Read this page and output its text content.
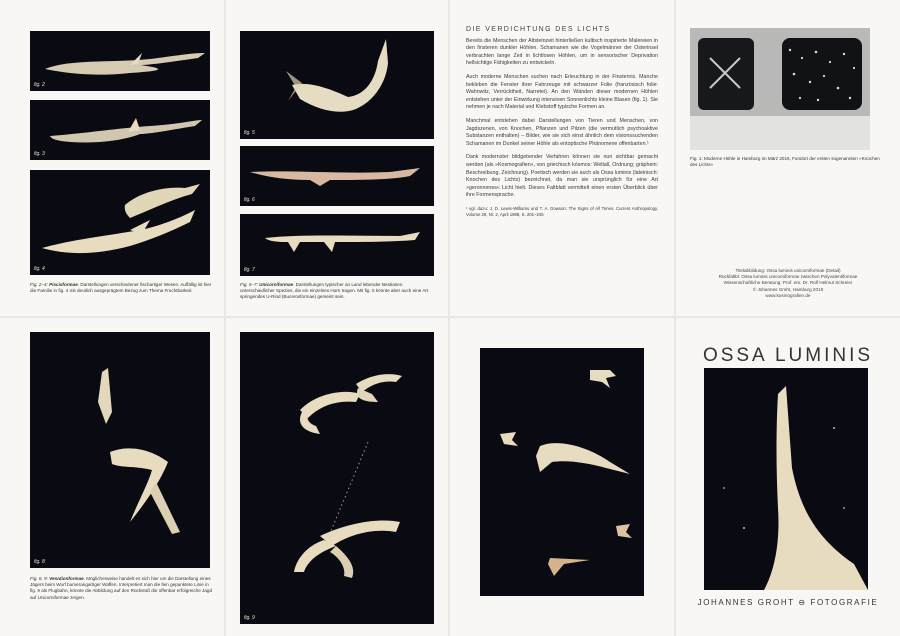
fig. 2
fig. 3
fig. 4
Fig. 2–4: Piscisformae. Darstellungen verschiedener fischartiger Wesen. Auffällig ist hier die Familie in fig. 4 mit deutlich ausgeprägtem Bezug zum Thema Fruchtbarkeit.
fig. 5
fig. 6
fig. 7
Fig. 5–7: Unicorniformae. Darstellungen typischer an Land lebender Bestiarien unterschiedlicher Spezies, die ein einzelnes Horn tragen. Mit fig. 5 könnte aber auch eine Art springendes U-Rind (Bucerosformae) gemeint sein.
DIE VERDICHTUNG DES LICHTS

Bereits die Menschen der Altsteinzeit hinterließen kultisch inspirierte Malereien in den finsteren dunkler Höhlen. Schamanen wie die Vogelmänner der Osterinsel verbrachten lange Zeit in lichtlosen Höhlen, um in sensorischer Deprivation hellsichtige Fähigkeiten zu entwickeln.

Auch moderne Menschen suchen nach Erleuchtung in der Finsternis. Manche bekleben die Fenster ihrer Fahrzeuge mit schwarzer Folie (französisch folie: Wahnwitz, Verrücktheit, Narretei). An den Wänden dieser modernen Höhlen entstehen unter der Einwirkung intensiven Sonnenlichts kleine Blasen (fig. 1). Sie nehmen je nach Material und Klebstoff typische Formen an.

Manchmal entstehen dabei Darstellungen von Tieren und Menschen, von Jagdszenen, von Knochen, Pflanzen und Pilzen (die vermutlich psychoaktive Substanzen enthalten) – Bilder, wie sie sich einst ähnlich dem visionssuchenden Schamanen im Dunkel seiner Höhle als entoptische Phänomene offenbarten.¹

Dank modernster bildgebender Verfahren können sie nun sichtbar gemacht werden (als »Kosmografien«, von griechisch kósmos: Weltall, Ordnung; gráphein: Beschreibung, Zeichnung). Poetisch werden sie auch als Ossa luminis (lateinisch: Knochen des Lichts) bezeichnet, da man sie ursprünglich für eine Art »geronnenes« Licht hielt. Dieses Faltblatt vermittelt einen ersten Überblick über ihre Formensprache.

¹ vgl. dazu: J. D. Lewis-Williams und T. A. Dowson: The Signs of All Times. Current Anthropology, Volume 29, Nr. 2, April 1988, S. 201–245
Fig. 1: Moderne Höhle in Hamburg im März 2016, Fundort der ersten sogenannten »Knochen des Lichts«
Titelabbildung: Ossa luminis unicorniformae (Detail)
Rückfaltbl. Ossa luminis unicorniformae zwischen Polyvalentiformae
Wissenschaftliche Beratung: Prof. em. Dr. Rolf Helmut Schreier
© Johannes Groht, Hamburg 2019
www.kosmografien.de
fig. 8
Fig. 8, 9: Venationformae. Möglicherweise handelt es sich hier um die Darstellung eines Jägers beim Wurf bumerangartiger Waffen. Interpretiert man die fein gepunktete Linie in fig. 9 als Flugbahn, könnte die Abbildung auf den Rückstoß die offenbar erfolgreiche Jagd auf Unicorniformae zeigen.
fig. 9
OSSA LUMINIS
JOHANNES GROHT ⊖ FOTOGRAFIE
